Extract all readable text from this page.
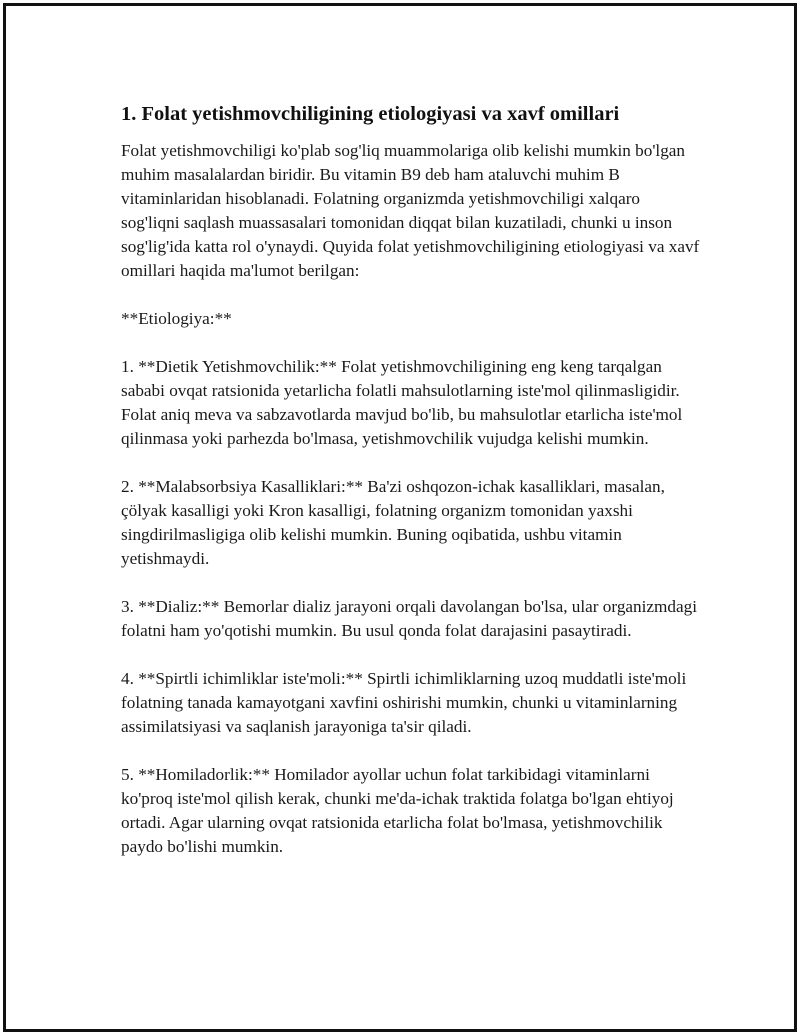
1. Folat yetishmovchiligining etiologiyasi va xavf omillari

Folat yetishmovchiligi ko'plab sog'liq muammolariga olib kelishi mumkin bo'lgan muhim masalalardan biridir. Bu vitamin B9 deb ham ataluvchi muhim B vitaminlaridan hisoblanadi. Folatning organizmda yetishmovchiligi xalqaro sog'liqni saqlash muassasalari tomonidan diqqat bilan kuzatiladi, chunki u inson sog'lig'ida katta rol o'ynaydi. Quyida folat yetishmovchiligining etiologiyasi va xavf omillari haqida ma'lumot berilgan:

**Etiologiya:**

1. **Dietik Yetishmovchilik:** Folat yetishmovchiligining eng keng tarqalgan sababi ovqat ratsionida yetarlicha folatli mahsulotlarning iste'mol qilinmasligidir. Folat aniq meva va sabzavotlarda mavjud bo'lib, bu mahsulotlar etarlicha iste'mol qilinmasa yoki parhezda bo'lmasa, yetishmovchilik vujudga kelishi mumkin.

2. **Malabsorbsiya Kasalliklari:** Ba'zi oshqozon-ichak kasalliklari, masalan, çölyak kasalligi yoki Kron kasalligi, folatning organizm tomonidan yaxshi singdirilmasligiga olib kelishi mumkin. Buning oqibatida, ushbu vitamin yetishmaydi.

3. **Dializ:** Bemorlar dializ jarayoni orqali davolangan bo'lsa, ular organizmdagi folatni ham yo'qotishi mumkin. Bu usul qonda folat darajasini pasaytiradi.

4. **Spirtli ichimliklar iste'moli:** Spirtli ichimliklarning uzoq muddatli iste'moli folatning tanada kamayotgani xavfini oshirishi mumkin, chunki u vitaminlarning assimilatsiyasi va saqlanish jarayoniga ta'sir qiladi.

5. **Homiladorlik:** Homilador ayollar uchun folat tarkibidagi vitaminlarni ko'proq iste'mol qilish kerak, chunki me'da-ichak traktida folatga bo'lgan ehtiyoj ortadi. Agar ularning ovqat ratsionida etarlicha folat bo'lmasa, yetishmovchilik paydo bo'lishi mumkin.
